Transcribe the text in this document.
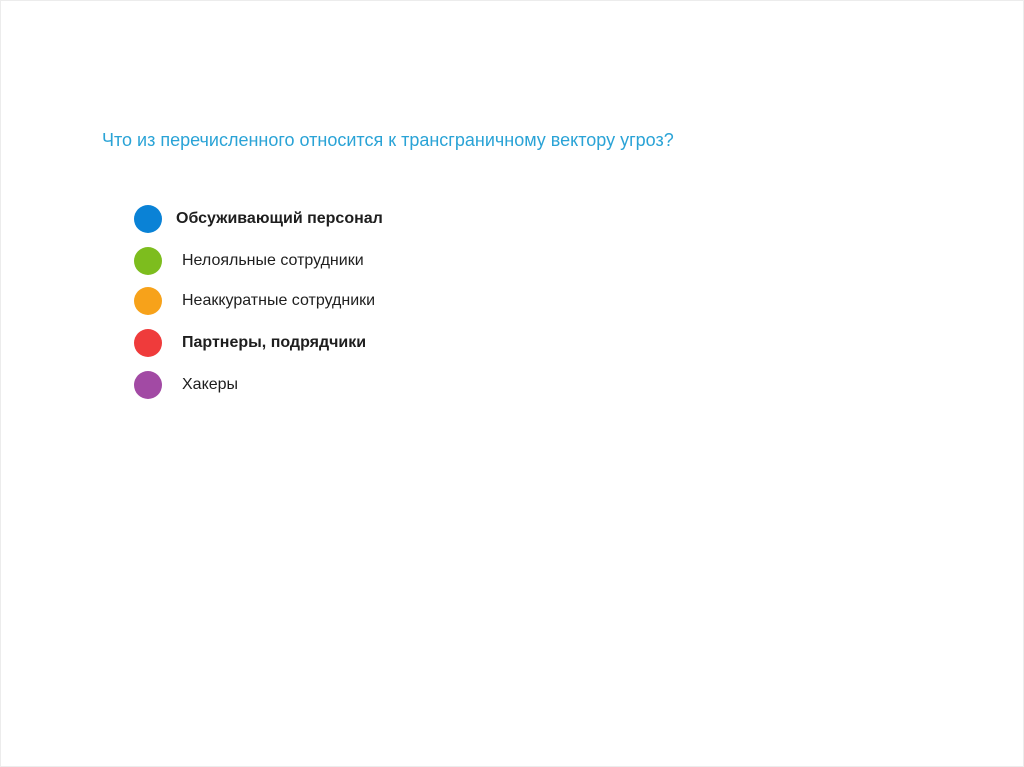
Что из перечисленного относится к трансграничному вектору угроз?
Обсуживающий персонал
Нелояльные сотрудники
Неаккуратные сотрудники
Партнеры, подрядчики
Хакеры
